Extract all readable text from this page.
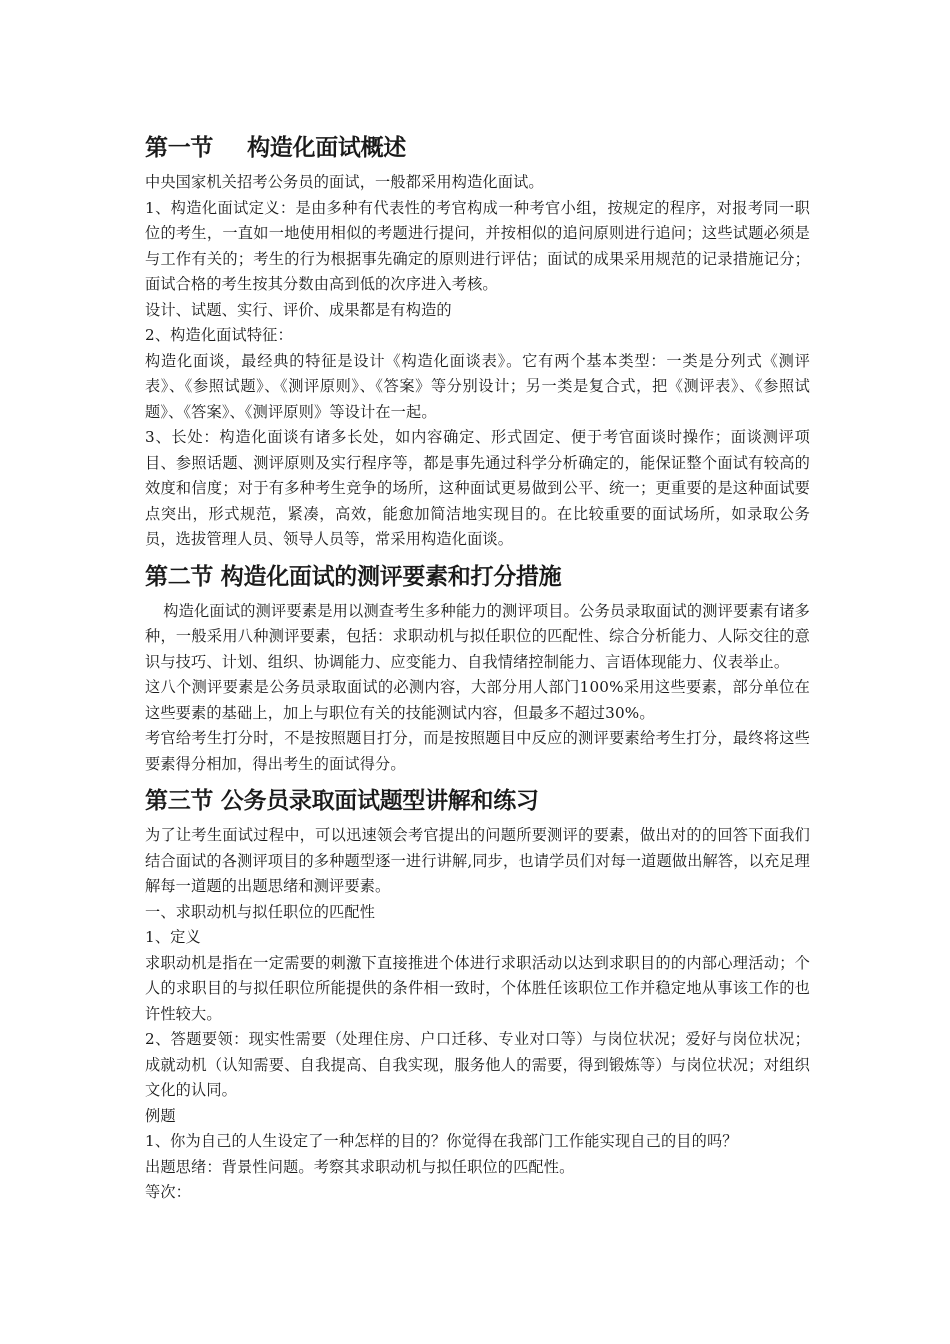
第一节 构造化面试概述

中央国家机关招考公务员的面试，一般都采用构造化面试。

1、构造化面试定义：是由多种有代表性的考官构成一种考官小组，按规定的程序，对报考同一职位的考生，一直如一地使用相似的考题进行提问，并按相似的追问原则进行追问；这些试题必须是与工作有关的；考生的行为根据事先确定的原则进行评估；面试的成果采用规范的记录措施记分；面试合格的考生按其分数由高到低的次序进入考核。

设计、试题、实行、评价、成果都是有构造的

2、构造化面试特征：

构造化面谈，最经典的特征是设计《构造化面谈表》。它有两个基本类型：一类是分列式《测评表》、《参照试题》、《测评原则》、《答案》等分别设计；另一类是复合式，把《测评表》、《参照试题》、《答案》、《测评原则》等设计在一起。

3、长处：构造化面谈有诸多长处，如内容确定、形式固定、便于考官面谈时操作；面谈测评项目、参照话题、测评原则及实行程序等，都是事先通过科学分析确定的，能保证整个面试有较高的效度和信度；对于有多种考生竞争的场所，这种面试更易做到公平、统一；更重要的是这种面试要点突出，形式规范，紧凑，高效，能愈加简洁地实现目的。在比较重要的面试场所，如录取公务员，选拔管理人员、领导人员等，常采用构造化面谈。

第二节 构造化面试的测评要素和打分措施

构造化面试的测评要素是用以测查考生多种能力的测评项目。公务员录取面试的测评要素有诸多种，一般采用八种测评要素，包括：求职动机与拟任职位的匹配性、综合分析能力、人际交往的意识与技巧、计划、组织、协调能力、应变能力、自我情绪控制能力、言语体现能力、仪表举止。

这八个测评要素是公务员录取面试的必测内容，大部分用人部门100%采用这些要素，部分单位在这些要素的基础上，加上与职位有关的技能测试内容，但最多不超过30%。

考官给考生打分时，不是按照题目打分，而是按照题目中反应的测评要素给考生打分，最终将这些要素得分相加，得出考生的面试得分。

第三节 公务员录取面试题型讲解和练习

为了让考生面试过程中，可以迅速领会考官提出的问题所要测评的要素，做出对的的回答下面我们结合面试的各测评项目的多种题型逐一进行讲解,同步，也请学员们对每一道题做出解答，以充足理解每一道题的出题思绪和测评要素。

一、求职动机与拟任职位的匹配性

1、定义

求职动机是指在一定需要的刺激下直接推进个体进行求职活动以达到求职目的的内部心理活动；个人的求职目的与拟任职位所能提供的条件相一致时，个体胜任该职位工作并稳定地从事该工作的也许性较大。

2、答题要领：现实性需要（处理住房、户口迁移、专业对口等）与岗位状况；爱好与岗位状况；成就动机（认知需要、自我提高、自我实现，服务他人的需要，得到锻炼等）与岗位状况；对组织文化的认同。

例题

1、你为自己的人生设定了一种怎样的目的？你觉得在我部门工作能实现自己的目的吗？

出题思绪：背景性问题。考察其求职动机与拟任职位的匹配性。

等次：
